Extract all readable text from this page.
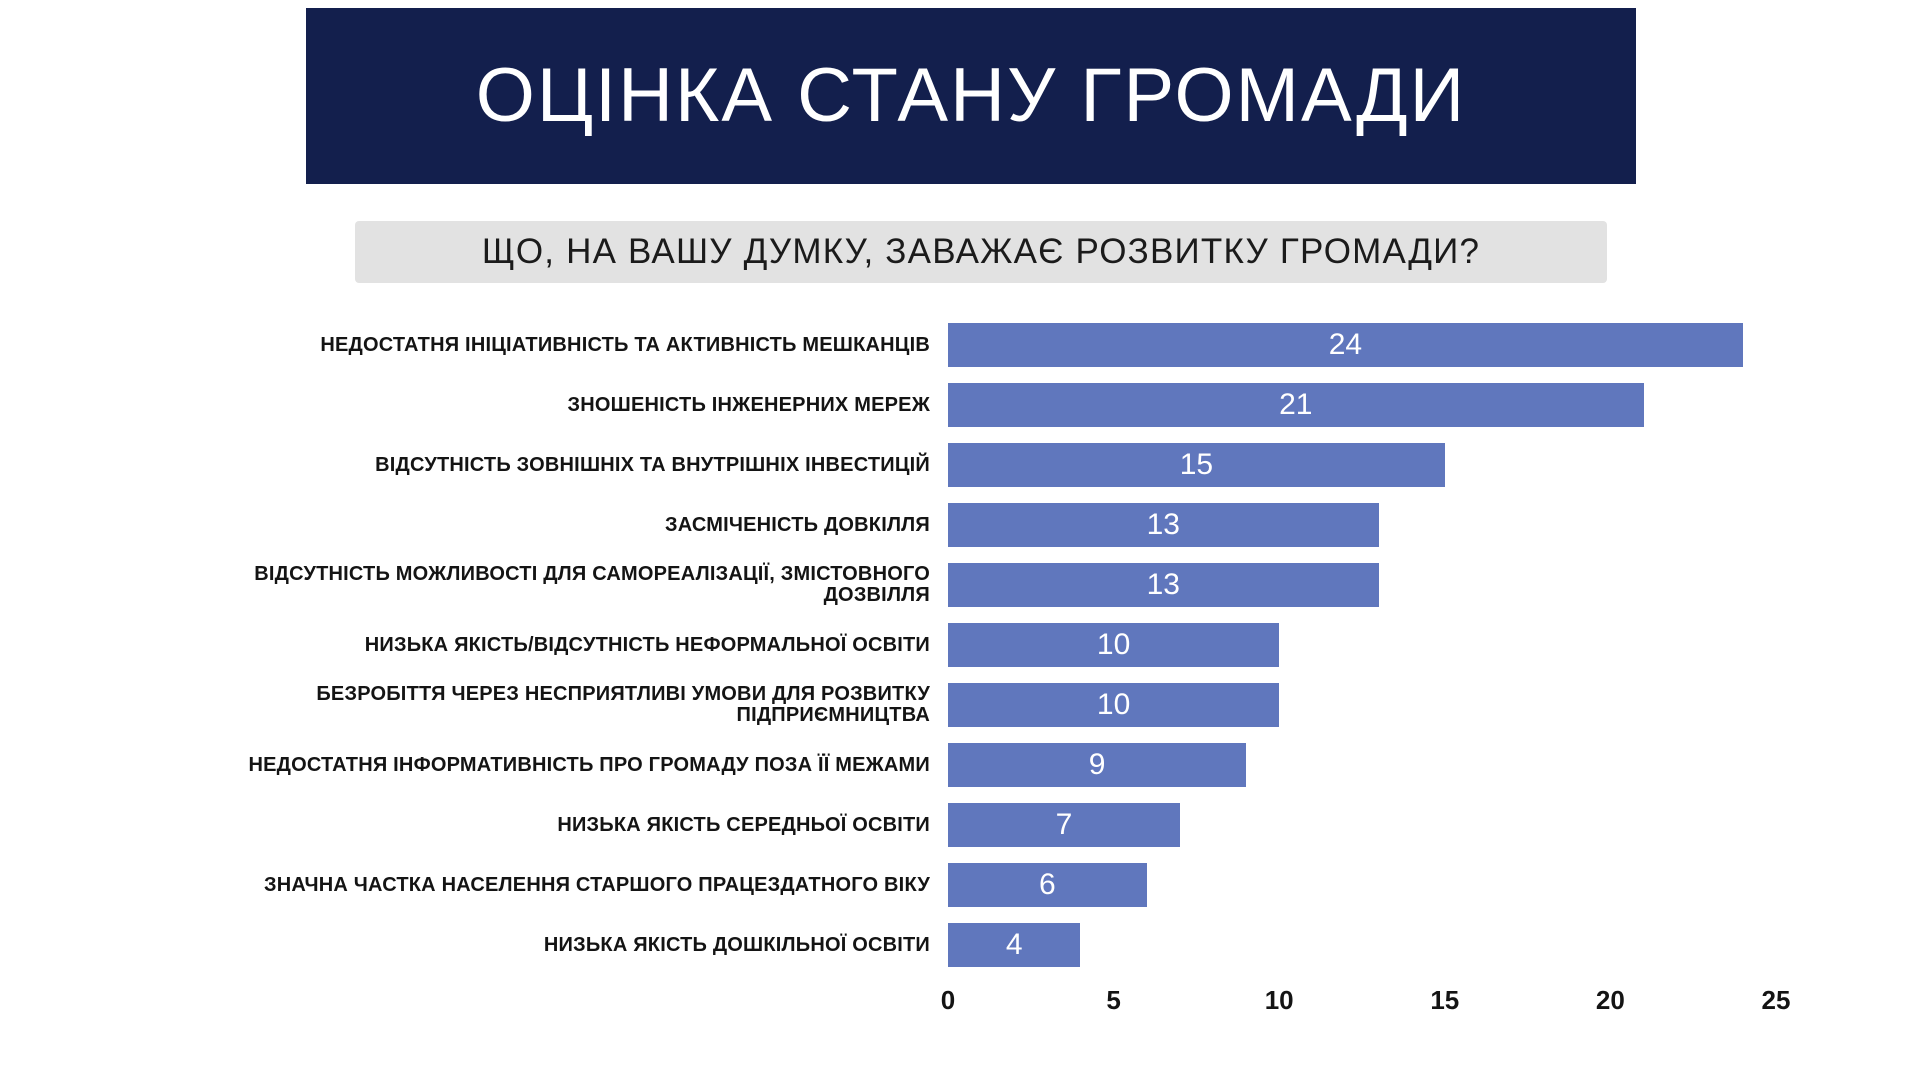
ОЦІНКА СТАНУ ГРОМАДИ
ЩО, НА ВАШУ ДУМКУ, ЗАВАЖАЄ РОЗВИТКУ ГРОМАДИ?
НЕДОСТАТНЯ ІНІЦІАТИВНІСТЬ ТА АКТИВНІСТЬ МЕШКАНЦІВ	24
ЗНОШЕНІСТЬ ІНЖЕНЕРНИХ МЕРЕЖ	21
ВІДСУТНІСТЬ ЗОВНІШНІХ ТА ВНУТРІШНІХ ІНВЕСТИЦІЙ	15
ЗАСМІЧЕНІСТЬ ДОВКІЛЛЯ	13
ВІДСУТНІСТЬ МОЖЛИВОСТІ ДЛЯ САМОРЕАЛІЗАЦІЇ, ЗМІСТОВНОГО ДОЗВІЛЛЯ	13
НИЗЬКА ЯКІСТЬ/ВІДСУТНІСТЬ НЕФОРМАЛЬНОЇ ОСВІТИ	10
БЕЗРОБІТТЯ ЧЕРЕЗ НЕСПРИЯТЛИВІ УМОВИ ДЛЯ РОЗВИТКУ ПІДПРИЄМНИЦТВА	10
НЕДОСТАТНЯ ІНФОРМАТИВНІСТЬ ПРО ГРОМАДУ ПОЗА ЇЇ МЕЖАМИ	9
НИЗЬКА ЯКІСТЬ СЕРЕДНЬОЇ ОСВІТИ	7
ЗНАЧНА ЧАСТКА НАСЕЛЕННЯ СТАРШОГО ПРАЦЕЗДАТНОГО ВІКУ	6
НИЗЬКА ЯКІСТЬ ДОШКІЛЬНОЇ ОСВІТИ	4
0	5	10	15	20	25
